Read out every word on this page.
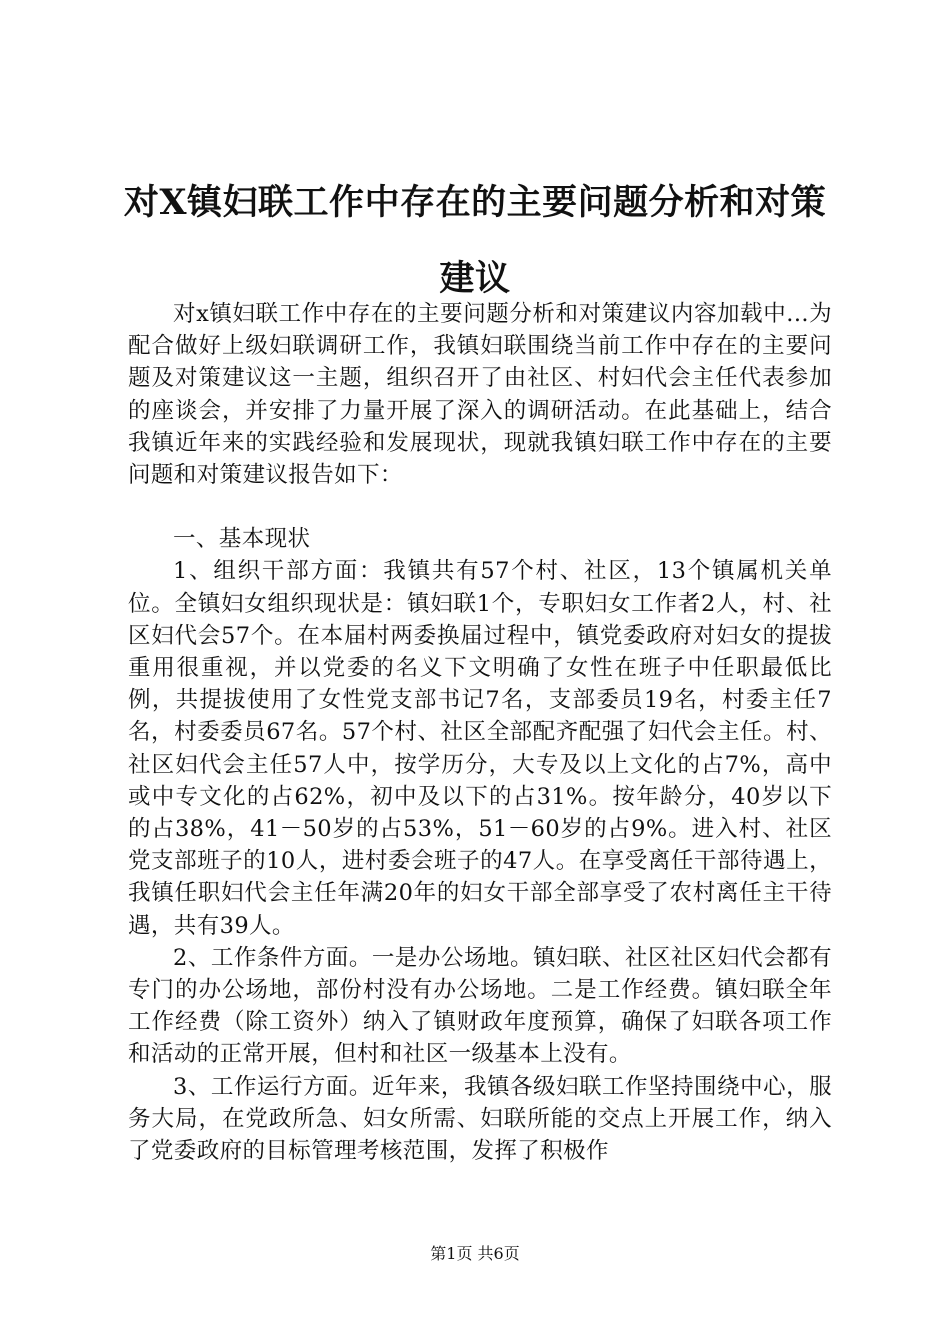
对X镇妇联工作中存在的主要问题分析和对策建议

对x镇妇联工作中存在的主要问题分析和对策建议内容加载中...为配合做好上级妇联调研工作，我镇妇联围绕当前工作中存在的主要问题及对策建议这一主题，组织召开了由社区、村妇代会主任代表参加的座谈会，并安排了力量开展了深入的调研活动。在此基础上，结合我镇近年来的实践经验和发展现状，现就我镇妇联工作中存在的主要问题和对策建议报告如下：

一、基本现状

1、组织干部方面：我镇共有57个村、社区，13个镇属机关单位。全镇妇女组织现状是：镇妇联1个，专职妇女工作者2人，村、社区妇代会57个。在本届村两委换届过程中，镇党委政府对妇女的提拔重用很重视，并以党委的名义下文明确了女性在班子中任职最低比例，共提拔使用了女性党支部书记7名，支部委员19名，村委主任7名，村委委员67名。57个村、社区全部配齐配强了妇代会主任。村、社区妇代会主任57人中，按学历分，大专及以上文化的占7%，高中或中专文化的占62%，初中及以下的占31%。按年龄分，40岁以下的占38%，41－50岁的占53%，51－60岁的占9%。进入村、社区党支部班子的10人，进村委会班子的47人。在享受离任干部待遇上，我镇任职妇代会主任年满20年的妇女干部全部享受了农村离任主干待遇，共有39人。

2、工作条件方面。一是办公场地。镇妇联、社区社区妇代会都有专门的办公场地，部份村没有办公场地。二是工作经费。镇妇联全年工作经费（除工资外）纳入了镇财政年度预算，确保了妇联各项工作和活动的正常开展，但村和社区一级基本上没有。

3、工作运行方面。近年来，我镇各级妇联工作坚持围绕中心，服务大局，在党政所急、妇女所需、妇联所能的交点上开展工作，纳入了党委政府的目标管理考核范围，发挥了积极作

第1页 共6页
